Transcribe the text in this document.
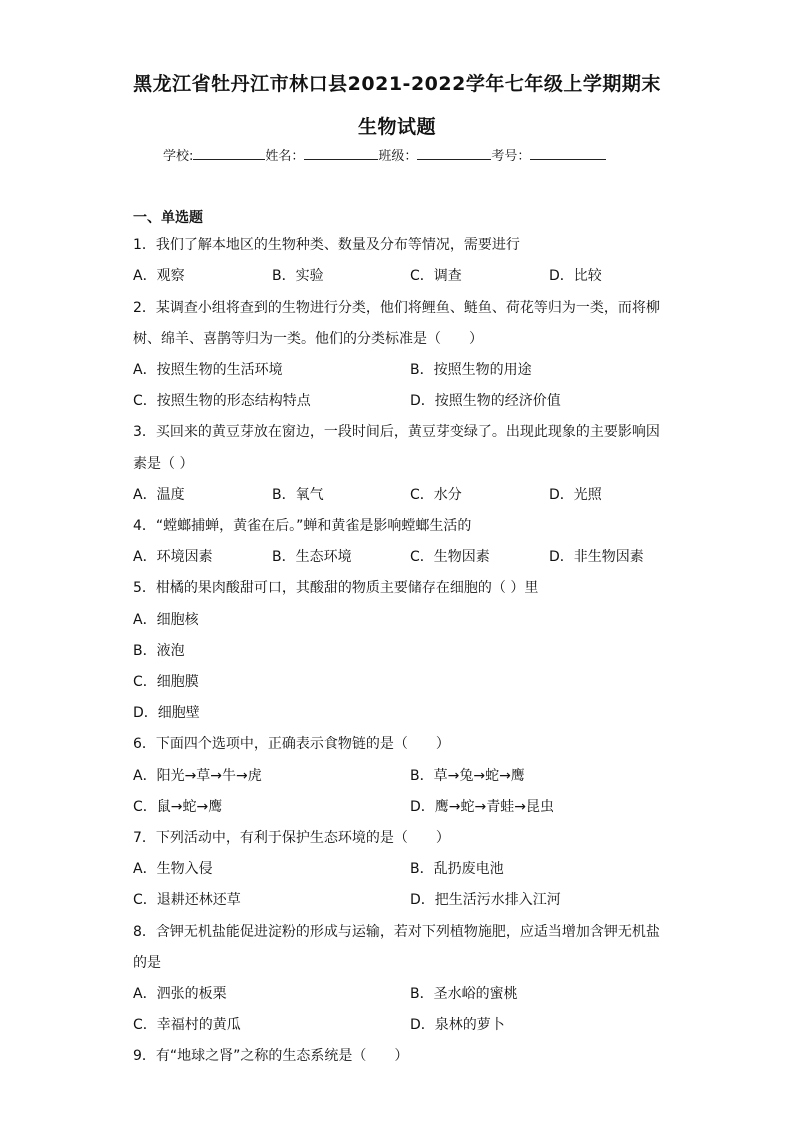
黑龙江省牡丹江市林口县2021-2022学年七年级上学期期末
生物试题
学校:	姓名：	班级：	考号：
一、单选题
1．我们了解本地区的生物种类、数量及分布等情况，需要进行
A．观察	B．实验	C．调查	D．比较
2．某调查小组将查到的生物进行分类，他们将鲤鱼、鲢鱼、荷花等归为一类，而将柳
树、绵羊、喜鹊等归为一类。他们的分类标准是（　　）
A．按照生物的生活环境	B．按照生物的用途
C．按照生物的形态结构特点	D．按照生物的经济价值
3．买回来的黄豆芽放在窗边，一段时间后，黄豆芽变绿了。出现此现象的主要影响因
素是（ ）
A．温度	B．氧气	C．水分	D．光照
4．“螳螂捕蝉，黄雀在后。”蝉和黄雀是影响螳螂生活的
A．环境因素	B．生态环境	C．生物因素	D．非生物因素
5．柑橘的果肉酸甜可口，其酸甜的物质主要储存在细胞的（ ）里
A．细胞核
B．液泡
C．细胞膜
D．细胞壁
6．下面四个选项中，正确表示食物链的是（　　）
A．阳光→草→牛→虎	B．草→兔→蛇→鹰
C．鼠→蛇→鹰	D．鹰→蛇→青蛙→昆虫
7．下列活动中，有利于保护生态环境的是（　　）
A．生物入侵	B．乱扔废电池
C．退耕还林还草	D．把生活污水排入江河
8．含钾无机盐能促进淀粉的形成与运输，若对下列植物施肥，应适当增加含钾无机盐
的是
A．泗张的板栗	B．圣水峪的蜜桃
C．幸福村的黄瓜	D．泉林的萝卜
9．有“地球之肾”之称的生态系统是（　　）
